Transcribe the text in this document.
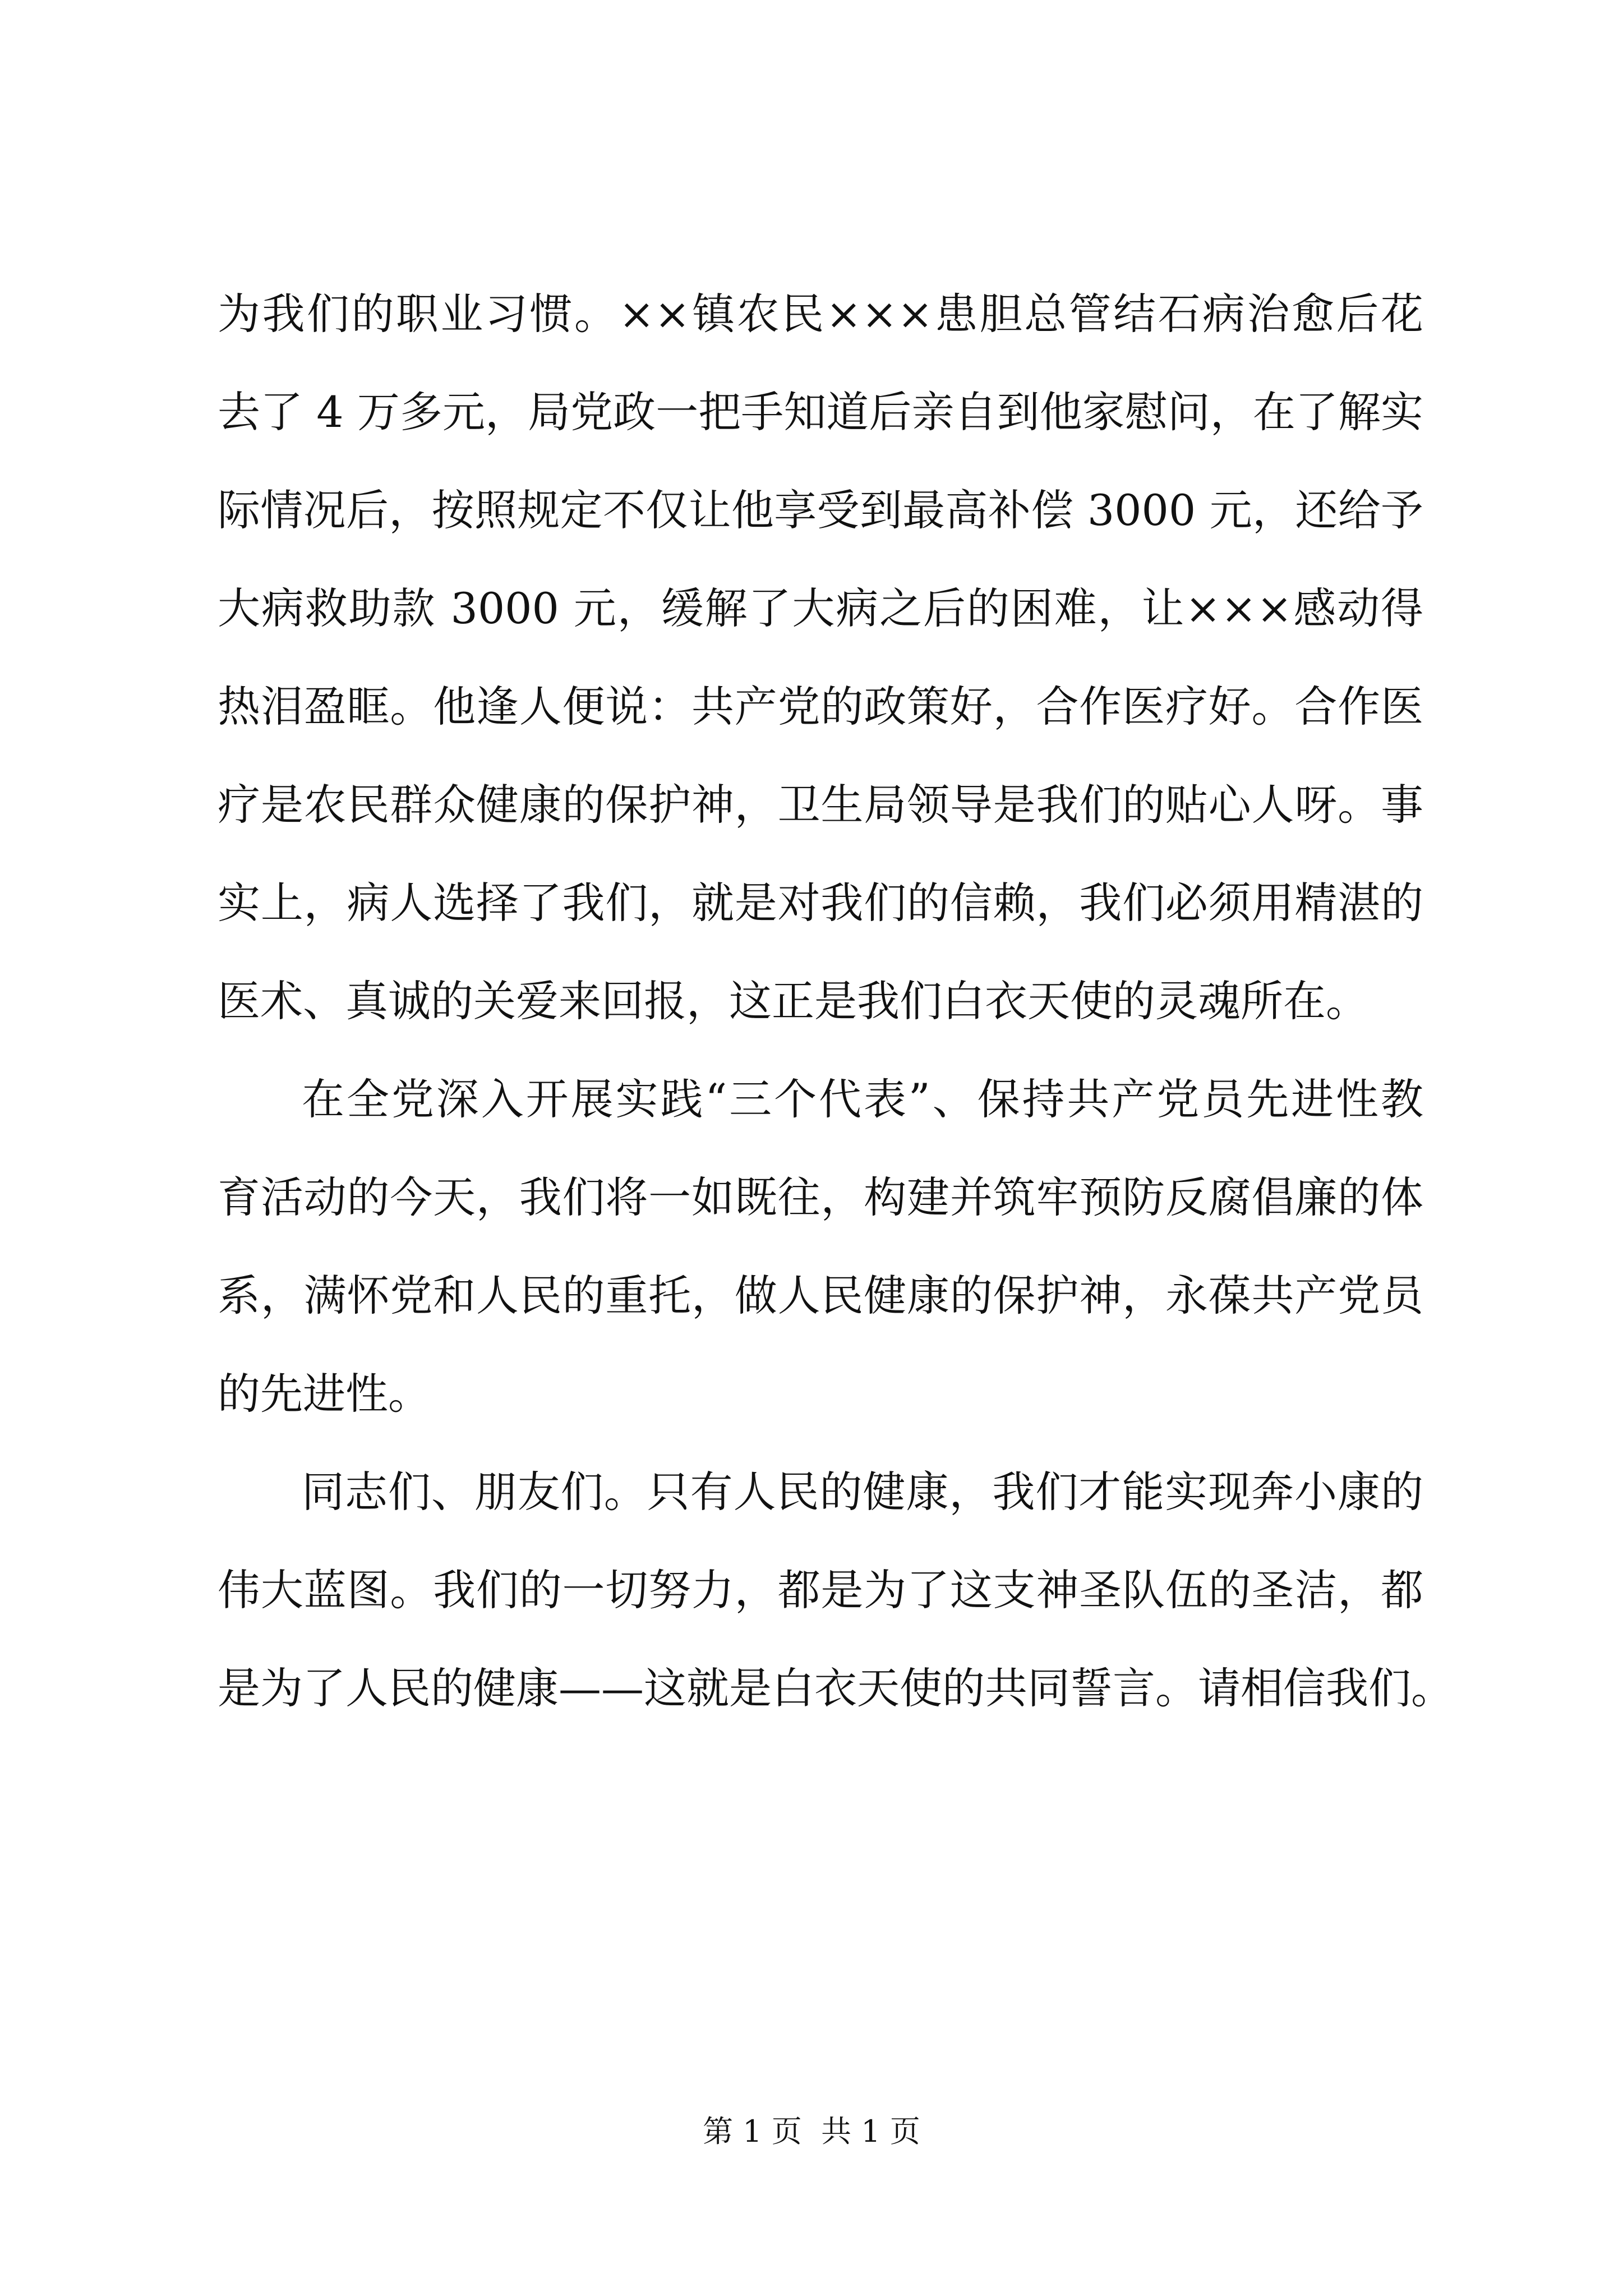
为我们的职业习惯。××镇农民×××患胆总管结石病治愈后花
去了 4 万多元，局党政一把手知道后亲自到他家慰问，在了解实
际情况后，按照规定不仅让他享受到最高补偿 3000 元，还给予
大病救助款 3000 元，缓解了大病之后的困难，让×××感动得
热泪盈眶。他逢人便说：共产党的政策好，合作医疗好。合作医
疗是农民群众健康的保护神，卫生局领导是我们的贴心人呀。事
实上，病人选择了我们，就是对我们的信赖，我们必须用精湛的
医术、真诚的关爱来回报，这正是我们白衣天使的灵魂所在。
在全党深入开展实践“三个代表”、保持共产党员先进性教
育活动的今天，我们将一如既往，构建并筑牢预防反腐倡廉的体
系，满怀党和人民的重托，做人民健康的保护神，永葆共产党员
的先进性。
同志们、朋友们。只有人民的健康，我们才能实现奔小康的
伟大蓝图。我们的一切努力，都是为了这支神圣队伍的圣洁，都
是为了人民的健康——这就是白衣天使的共同誓言。请相信我们。
第 1 页  共 1 页
